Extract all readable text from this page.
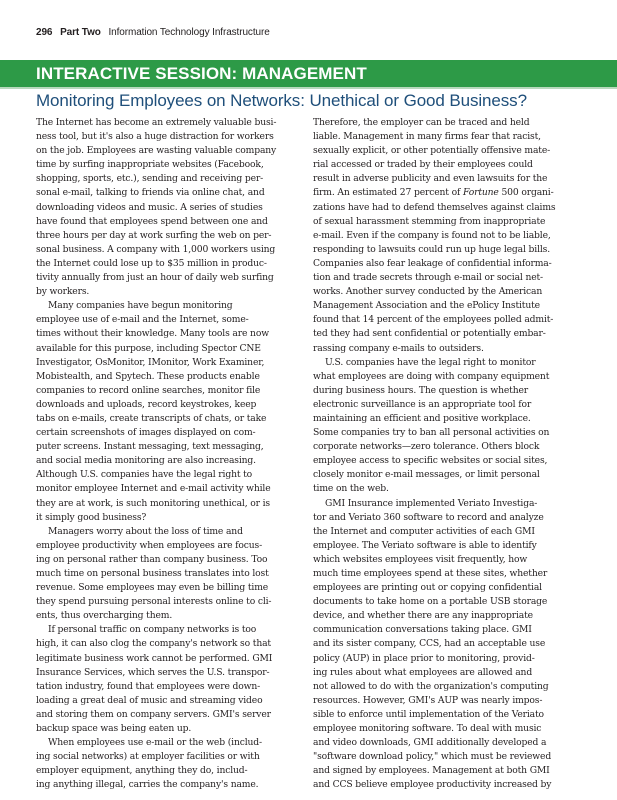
296 Part Two Information Technology Infrastructure
INTERACTIVE SESSION: MANAGEMENT
Monitoring Employees on Networks: Unethical or Good Business?
The Internet has become an extremely valuable busi-
ness tool, but it's also a huge distraction for workers
on the job. Employees are wasting valuable company
time by surfing inappropriate websites (Facebook,
shopping, sports, etc.), sending and receiving per-
sonal e-mail, talking to friends via online chat, and
downloading videos and music. A series of studies
have found that employees spend between one and
three hours per day at work surfing the web on per-
sonal business. A company with 1,000 workers using
the Internet could lose up to $35 million in produc-
tivity annually from just an hour of daily web surfing
by workers.
Many companies have begun monitoring
employee use of e-mail and the Internet, some-
times without their knowledge. Many tools are now
available for this purpose, including Spector CNE
Investigator, OsMonitor, IMonitor, Work Examiner,
Mobistealth, and Spytech. These products enable
companies to record online searches, monitor file
downloads and uploads, record keystrokes, keep
tabs on e-mails, create transcripts of chats, or take
certain screenshots of images displayed on com-
puter screens. Instant messaging, text messaging,
and social media monitoring are also increasing.
Although U.S. companies have the legal right to
monitor employee Internet and e-mail activity while
they are at work, is such monitoring unethical, or is
it simply good business?
Managers worry about the loss of time and
employee productivity when employees are focus-
ing on personal rather than company business. Too
much time on personal business translates into lost
revenue. Some employees may even be billing time
they spend pursuing personal interests online to cli-
ents, thus overcharging them.
If personal traffic on company networks is too
high, it can also clog the company's network so that
legitimate business work cannot be performed. GMI
Insurance Services, which serves the U.S. transpor-
tation industry, found that employees were down-
loading a great deal of music and streaming video
and storing them on company servers. GMI's server
backup space was being eaten up.
When employees use e-mail or the web (includ-
ing social networks) at employer facilities or with
employer equipment, anything they do, includ-
ing anything illegal, carries the company's name.
Therefore, the employer can be traced and held
liable. Management in many firms fear that racist,
sexually explicit, or other potentially offensive mate-
rial accessed or traded by their employees could
result in adverse publicity and even lawsuits for the
firm. An estimated 27 percent of Fortune 500 organi-
zations have had to defend themselves against claims
of sexual harassment stemming from inappropriate
e-mail. Even if the company is found not to be liable,
responding to lawsuits could run up huge legal bills.
Companies also fear leakage of confidential informa-
tion and trade secrets through e-mail or social net-
works. Another survey conducted by the American
Management Association and the ePolicy Institute
found that 14 percent of the employees polled admit-
ted they had sent confidential or potentially embar-
rassing company e-mails to outsiders.
U.S. companies have the legal right to monitor
what employees are doing with company equipment
during business hours. The question is whether
electronic surveillance is an appropriate tool for
maintaining an efficient and positive workplace.
Some companies try to ban all personal activities on
corporate networks—zero tolerance. Others block
employee access to specific websites or social sites,
closely monitor e-mail messages, or limit personal
time on the web.
GMI Insurance implemented Veriato Investiga-
tor and Veriato 360 software to record and analyze
the Internet and computer activities of each GMI
employee. The Veriato software is able to identify
which websites employees visit frequently, how
much time employees spend at these sites, whether
employees are printing out or copying confidential
documents to take home on a portable USB storage
device, and whether there are any inappropriate
communication conversations taking place. GMI
and its sister company, CCS, had an acceptable use
policy (AUP) in place prior to monitoring, provid-
ing rules about what employees are allowed and
not allowed to do with the organization's computing
resources. However, GMI's AUP was nearly impos-
sible to enforce until implementation of the Veriato
employee monitoring software. To deal with music
and video downloads, GMI additionally developed a
"software download policy," which must be reviewed
and signed by employees. Management at both GMI
and CCS believe employee productivity increased by
